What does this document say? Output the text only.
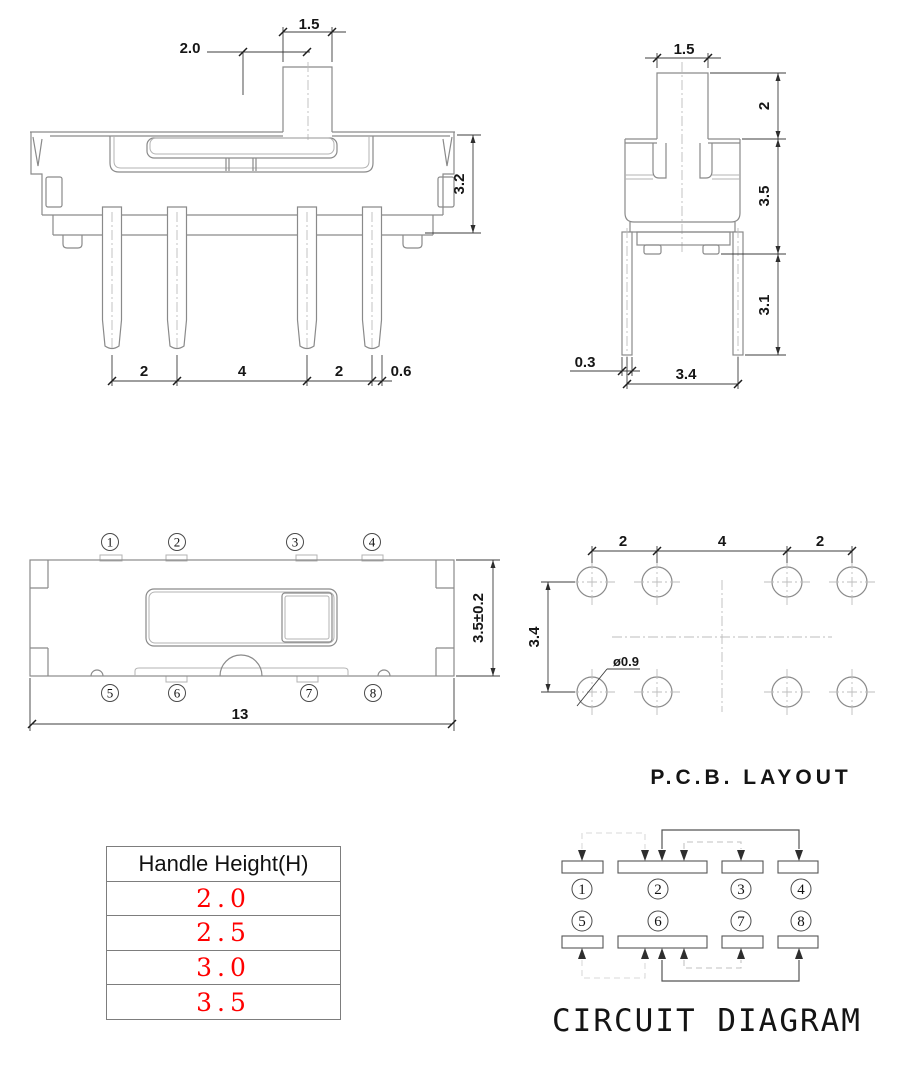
1.5
2.0
3.2
2	4	2	0.6
1.5
2
3.5
3.1
0.3
3.4
1	2	3	4
5	6	7	8
3.5±0.2
13
2	4	2
3.4
ø0.9
1	2	3	4
5	6	7	8
Handle Height(H)
2.0
2.5
3.0
3.5
P.C.B. LAYOUT
CIRCUIT DIAGRAM
